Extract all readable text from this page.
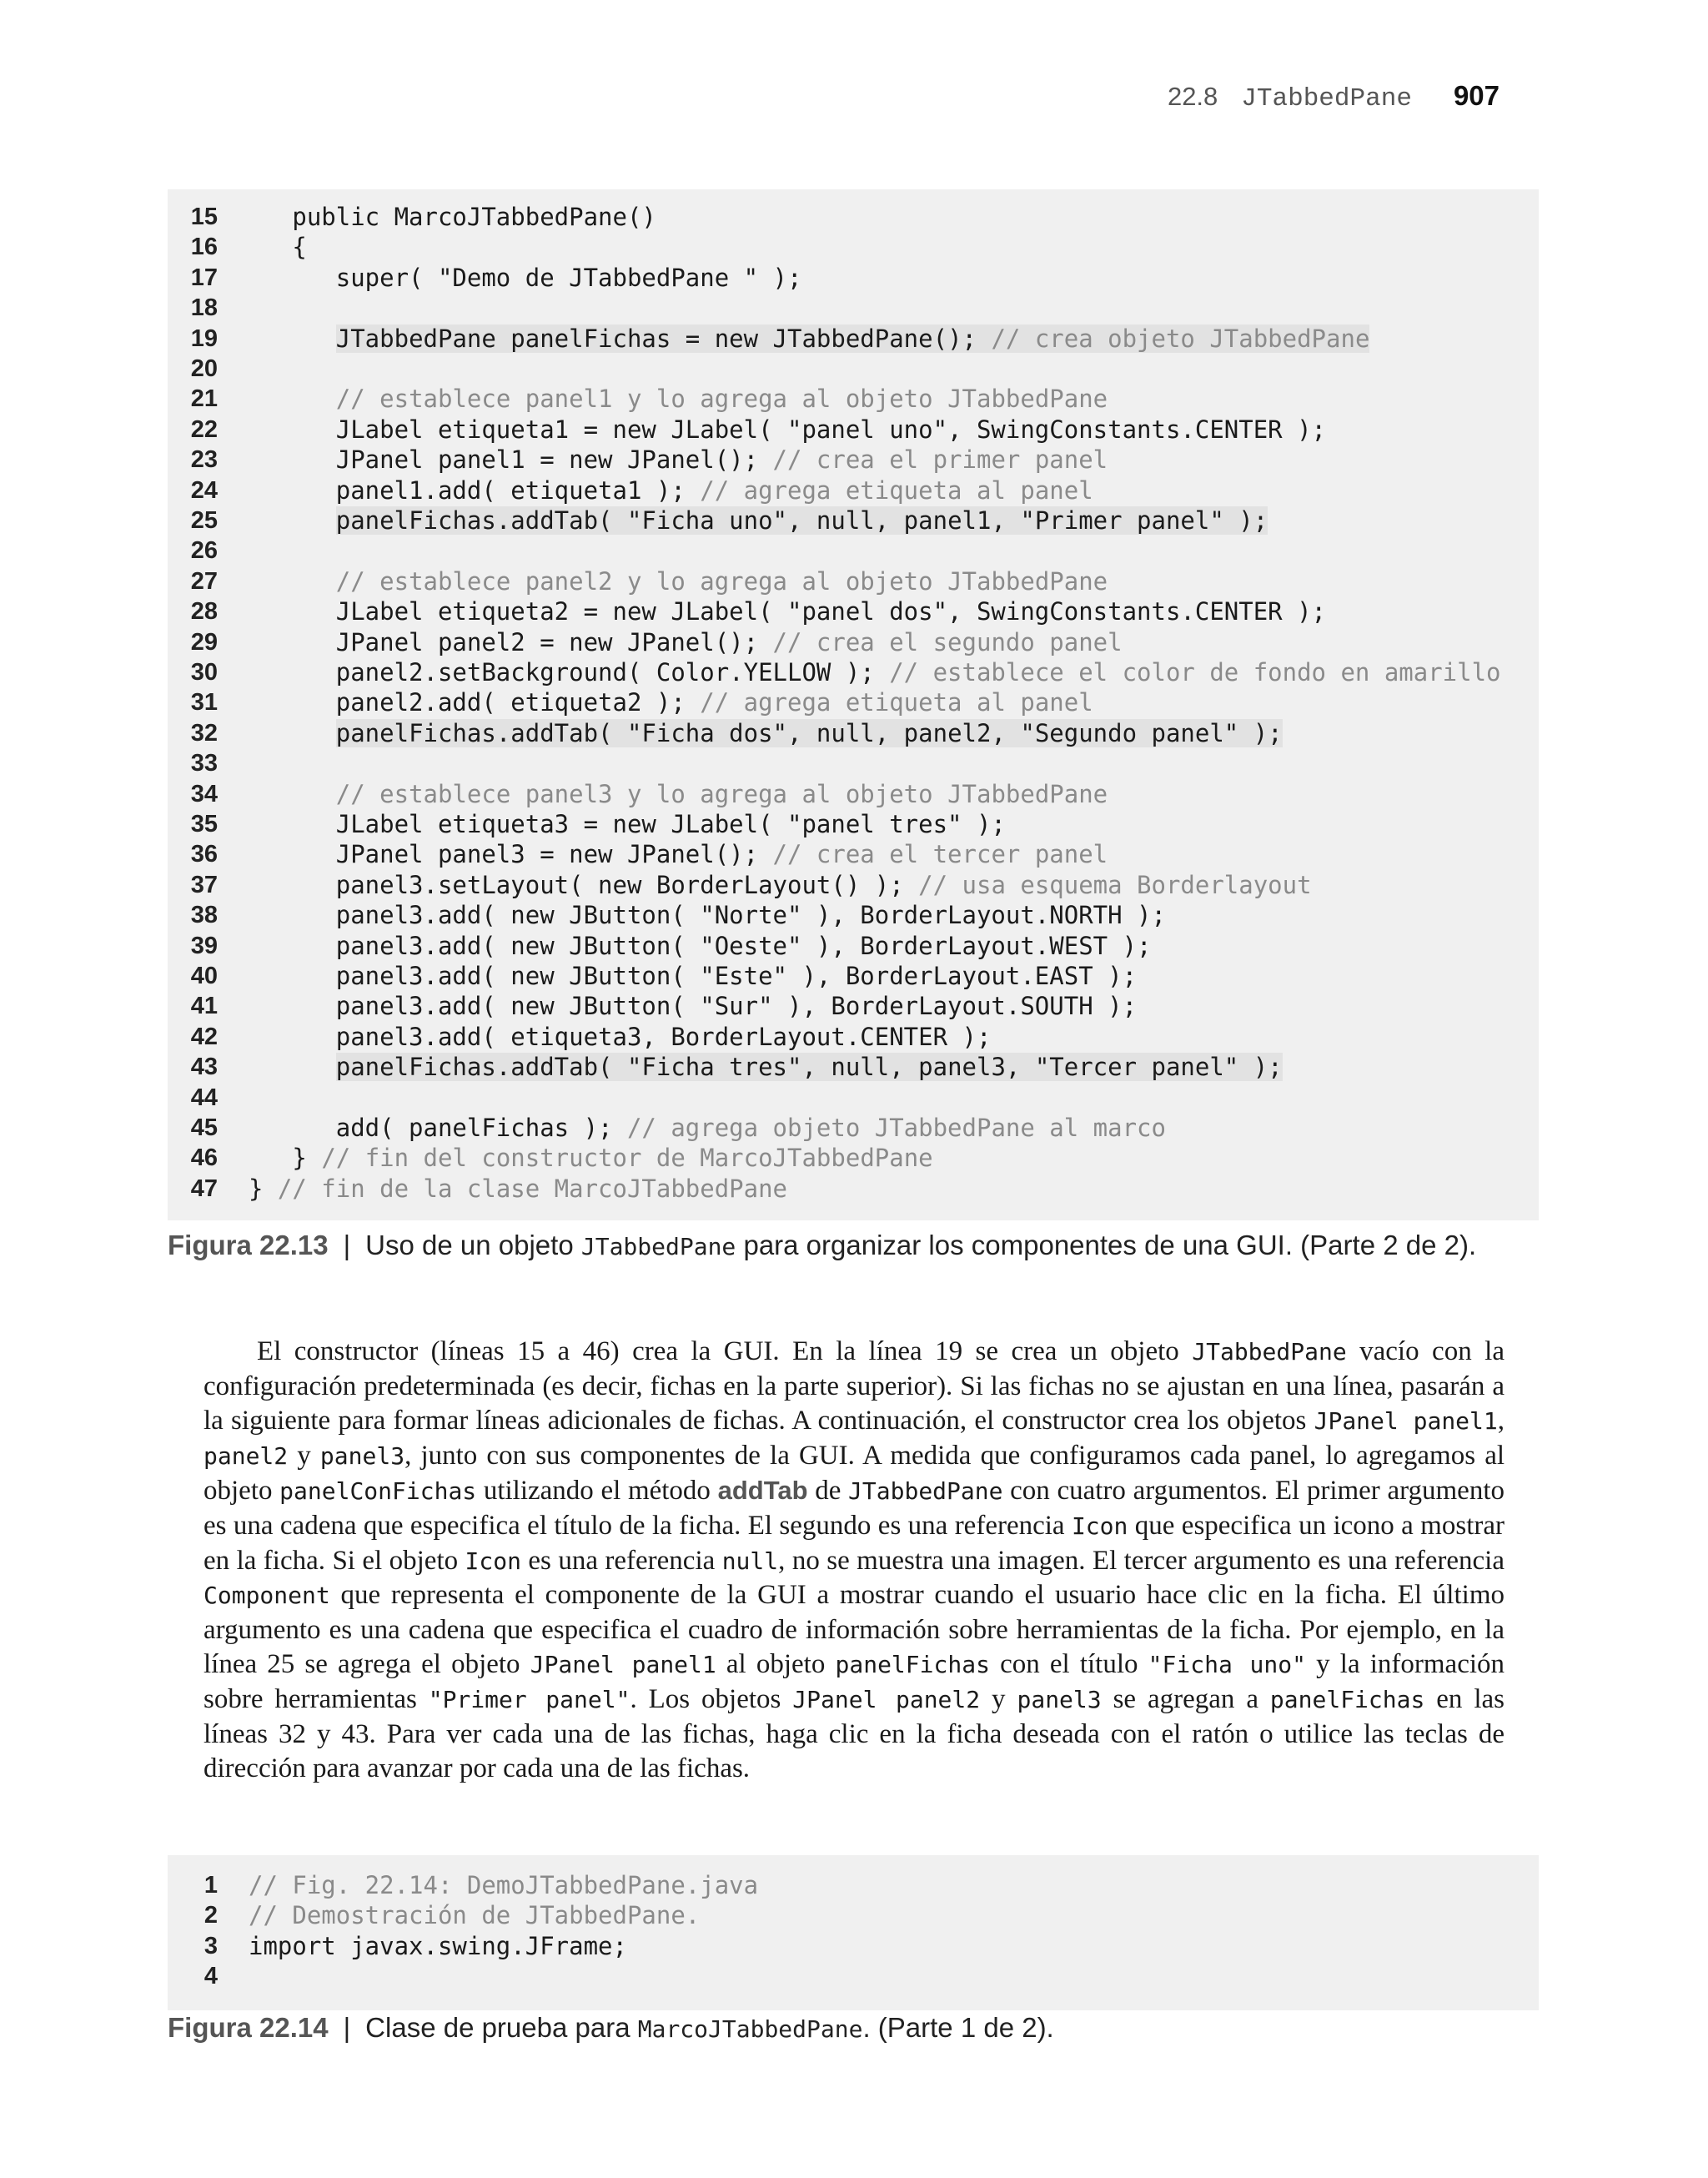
22.8 JTabbedPane 907
15 public MarcoJTabbedPane()
16 {
17 super( "Demo de JTabbedPane " );
18
19	JTabbedPane panelFichas = new JTabbedPane(); // crea objeto JTabbedPane
20
21	// establece panel1 y lo agrega al objeto JTabbedPane
22 JLabel etiqueta1 = new JLabel( "panel uno", SwingConstants.CENTER );
23 JPanel panel1 = new JPanel(); // crea el primer panel
24 panel1.add( etiqueta1 ); // agrega etiqueta al panel
25	panelFichas.addTab( "Ficha uno", null, panel1, "Primer panel" );
26
27	// establece panel2 y lo agrega al objeto JTabbedPane
28 JLabel etiqueta2 = new JLabel( "panel dos", SwingConstants.CENTER );
29 JPanel panel2 = new JPanel(); // crea el segundo panel
30 panel2.setBackground( Color.YELLOW ); // establece el color de fondo en amarillo
31 panel2.add( etiqueta2 ); // agrega etiqueta al panel
32	panelFichas.addTab( "Ficha dos", null, panel2, "Segundo panel" );
33
34	// establece panel3 y lo agrega al objeto JTabbedPane
35 JLabel etiqueta3 = new JLabel( "panel tres" );
36 JPanel panel3 = new JPanel(); // crea el tercer panel
37 panel3.setLayout( new BorderLayout() ); // usa esquema Borderlayout
38 panel3.add( new JButton( "Norte" ), BorderLayout.NORTH );
39 panel3.add( new JButton( "Oeste" ), BorderLayout.WEST );
40 panel3.add( new JButton( "Este" ), BorderLayout.EAST );
41 panel3.add( new JButton( "Sur" ), BorderLayout.SOUTH );
42 panel3.add( etiqueta3, BorderLayout.CENTER );
43	panelFichas.addTab( "Ficha tres", null, panel3, "Tercer panel" );
44
45 add( panelFichas ); // agrega objeto JTabbedPane al marco
46 } // fin del constructor de MarcoJTabbedPane
47 } // fin de la clase MarcoJTabbedPane
Figura 22.13 | Uso de un objeto JTabbedPane para organizar los componentes de una GUI. (Parte 2 de 2).
El constructor (líneas 15 a 46) crea la GUI. En la línea 19 se crea un objeto JTabbedPane vacío con la configuración predeterminada (es decir, fichas en la parte superior). Si las fichas no se ajustan en una línea, pasarán a la siguiente para formar líneas adicionales de fichas. A continuación, el constructor crea los objetos JPanel panel1, panel2 y panel3, junto con sus componentes de la GUI. A medida que configuramos cada panel, lo agregamos al objeto panelConFichas utilizando el método addTab de JTabbedPane con cuatro argumentos. El primer argumento es una cadena que especifica el título de la ficha. El segundo es una referencia Icon que especifica un icono a mostrar en la ficha. Si el objeto Icon es una referencia null, no se muestra una imagen. El tercer argumento es una referencia Component que representa el componente de la GUI a mostrar cuando el usuario hace clic en la ficha. El último argumento es una cadena que especifica el cuadro de información sobre herramientas de la ficha. Por ejemplo, en la línea 25 se agrega el objeto JPanel panel1 al objeto panelFichas con el título "Ficha uno" y la información sobre herramientas "Primer panel". Los objetos JPanel panel2 y panel3 se agregan a panelFichas en las líneas 32 y 43. Para ver cada una de las fichas, haga clic en la ficha deseada con el ratón o utilice las teclas de dirección para avanzar por cada una de las fichas.
1 // Fig. 22.14: DemoJTabbedPane.java
2 // Demostración de JTabbedPane.
3 import javax.swing.JFrame;
4
Figura 22.14 | Clase de prueba para MarcoJTabbedPane. (Parte 1 de 2).
